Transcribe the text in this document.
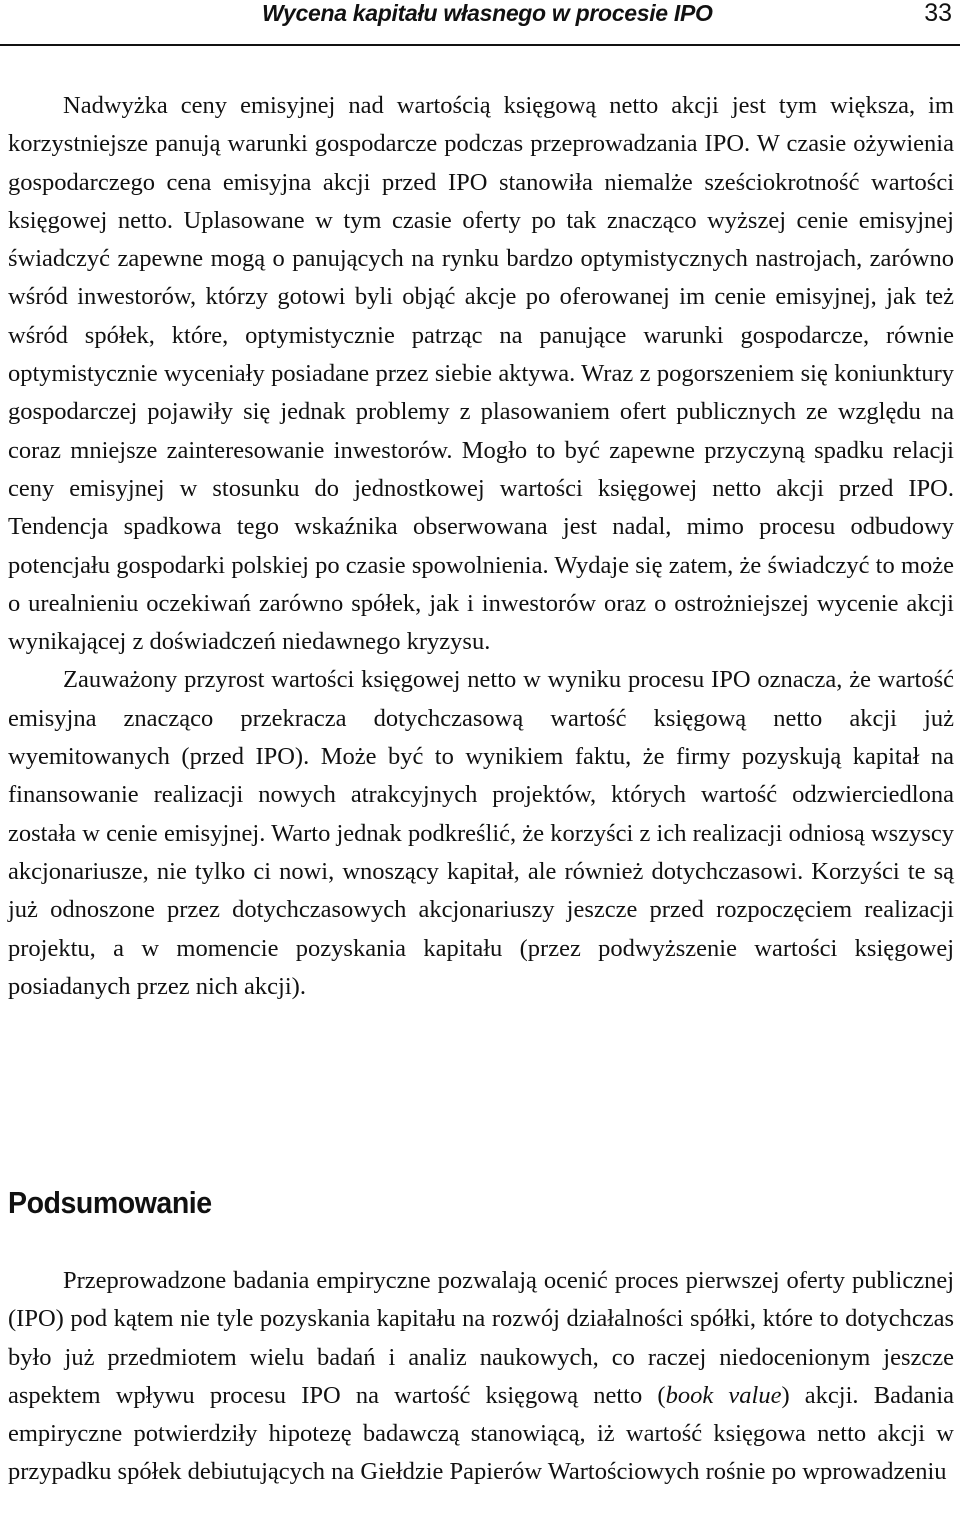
Wycena kapitału własnego w procesie IPO	33

Nadwyżka ceny emisyjnej nad wartością księgową netto akcji jest tym większa, im korzystniejsze panują warunki gospodarcze podczas przeprowadzania IPO. W czasie ożywienia gospodarczego cena emisyjna akcji przed IPO stanowiła niemalże sześciokrotność wartości księgowej netto. Uplasowane w tym czasie oferty po tak znacząco wyższej cenie emisyjnej świadczyć zapewne mogą o panujących na rynku bardzo optymistycznych nastrojach, zarówno wśród inwestorów, którzy gotowi byli objąć akcje po oferowanej im cenie emisyjnej, jak też wśród spółek, które, optymistycznie patrząc na panujące warunki gospodarcze, równie optymistycznie wyceniały posiadane przez siebie aktywa. Wraz z pogorszeniem się koniunktury gospodarczej pojawiły się jednak problemy z plasowaniem ofert publicznych ze względu na coraz mniejsze zainteresowanie inwestorów. Mogło to być zapewne przyczyną spadku relacji ceny emisyjnej w stosunku do jednostkowej wartości księgowej netto akcji przed IPO. Tendencja spadkowa tego wskaźnika obserwowana jest nadal, mimo procesu odbudowy potencjału gospodarki polskiej po czasie spowolnienia. Wydaje się zatem, że świadczyć to może o urealnieniu oczekiwań zarówno spółek, jak i inwestorów oraz o ostrożniejszej wycenie akcji wynikającej z doświadczeń niedawnego kryzysu.

Zauważony przyrost wartości księgowej netto w wyniku procesu IPO oznacza, że wartość emisyjna znacząco przekracza dotychczasową wartość księgową netto akcji już wyemitowanych (przed IPO). Może być to wynikiem faktu, że firmy pozyskują kapitał na finansowanie realizacji nowych atrakcyjnych projektów, których wartość odzwierciedlona została w cenie emisyjnej. Warto jednak podkreślić, że korzyści z ich realizacji odniosą wszyscy akcjonariusze, nie tylko ci nowi, wnoszący kapitał, ale również dotychczasowi. Korzyści te są już odnoszone przez dotychczasowych akcjonariuszy jeszcze przed rozpoczęciem realizacji projektu, a w momencie pozyskania kapitału (przez podwyższenie wartości księgowej posiadanych przez nich akcji).

Podsumowanie

Przeprowadzone badania empiryczne pozwalają ocenić proces pierwszej oferty publicznej (IPO) pod kątem nie tyle pozyskania kapitału na rozwój działalności spółki, które to dotychczas było już przedmiotem wielu badań i analiz naukowych, co raczej niedocenionym jeszcze aspektem wpływu procesu IPO na wartość księgową netto (book value) akcji. Badania empiryczne potwierdziły hipotezę badawczą stanowiącą, iż wartość księgowa netto akcji w przypadku spółek debiutujących na Giełdzie Papierów Wartościowych rośnie po wprowadzeniu
